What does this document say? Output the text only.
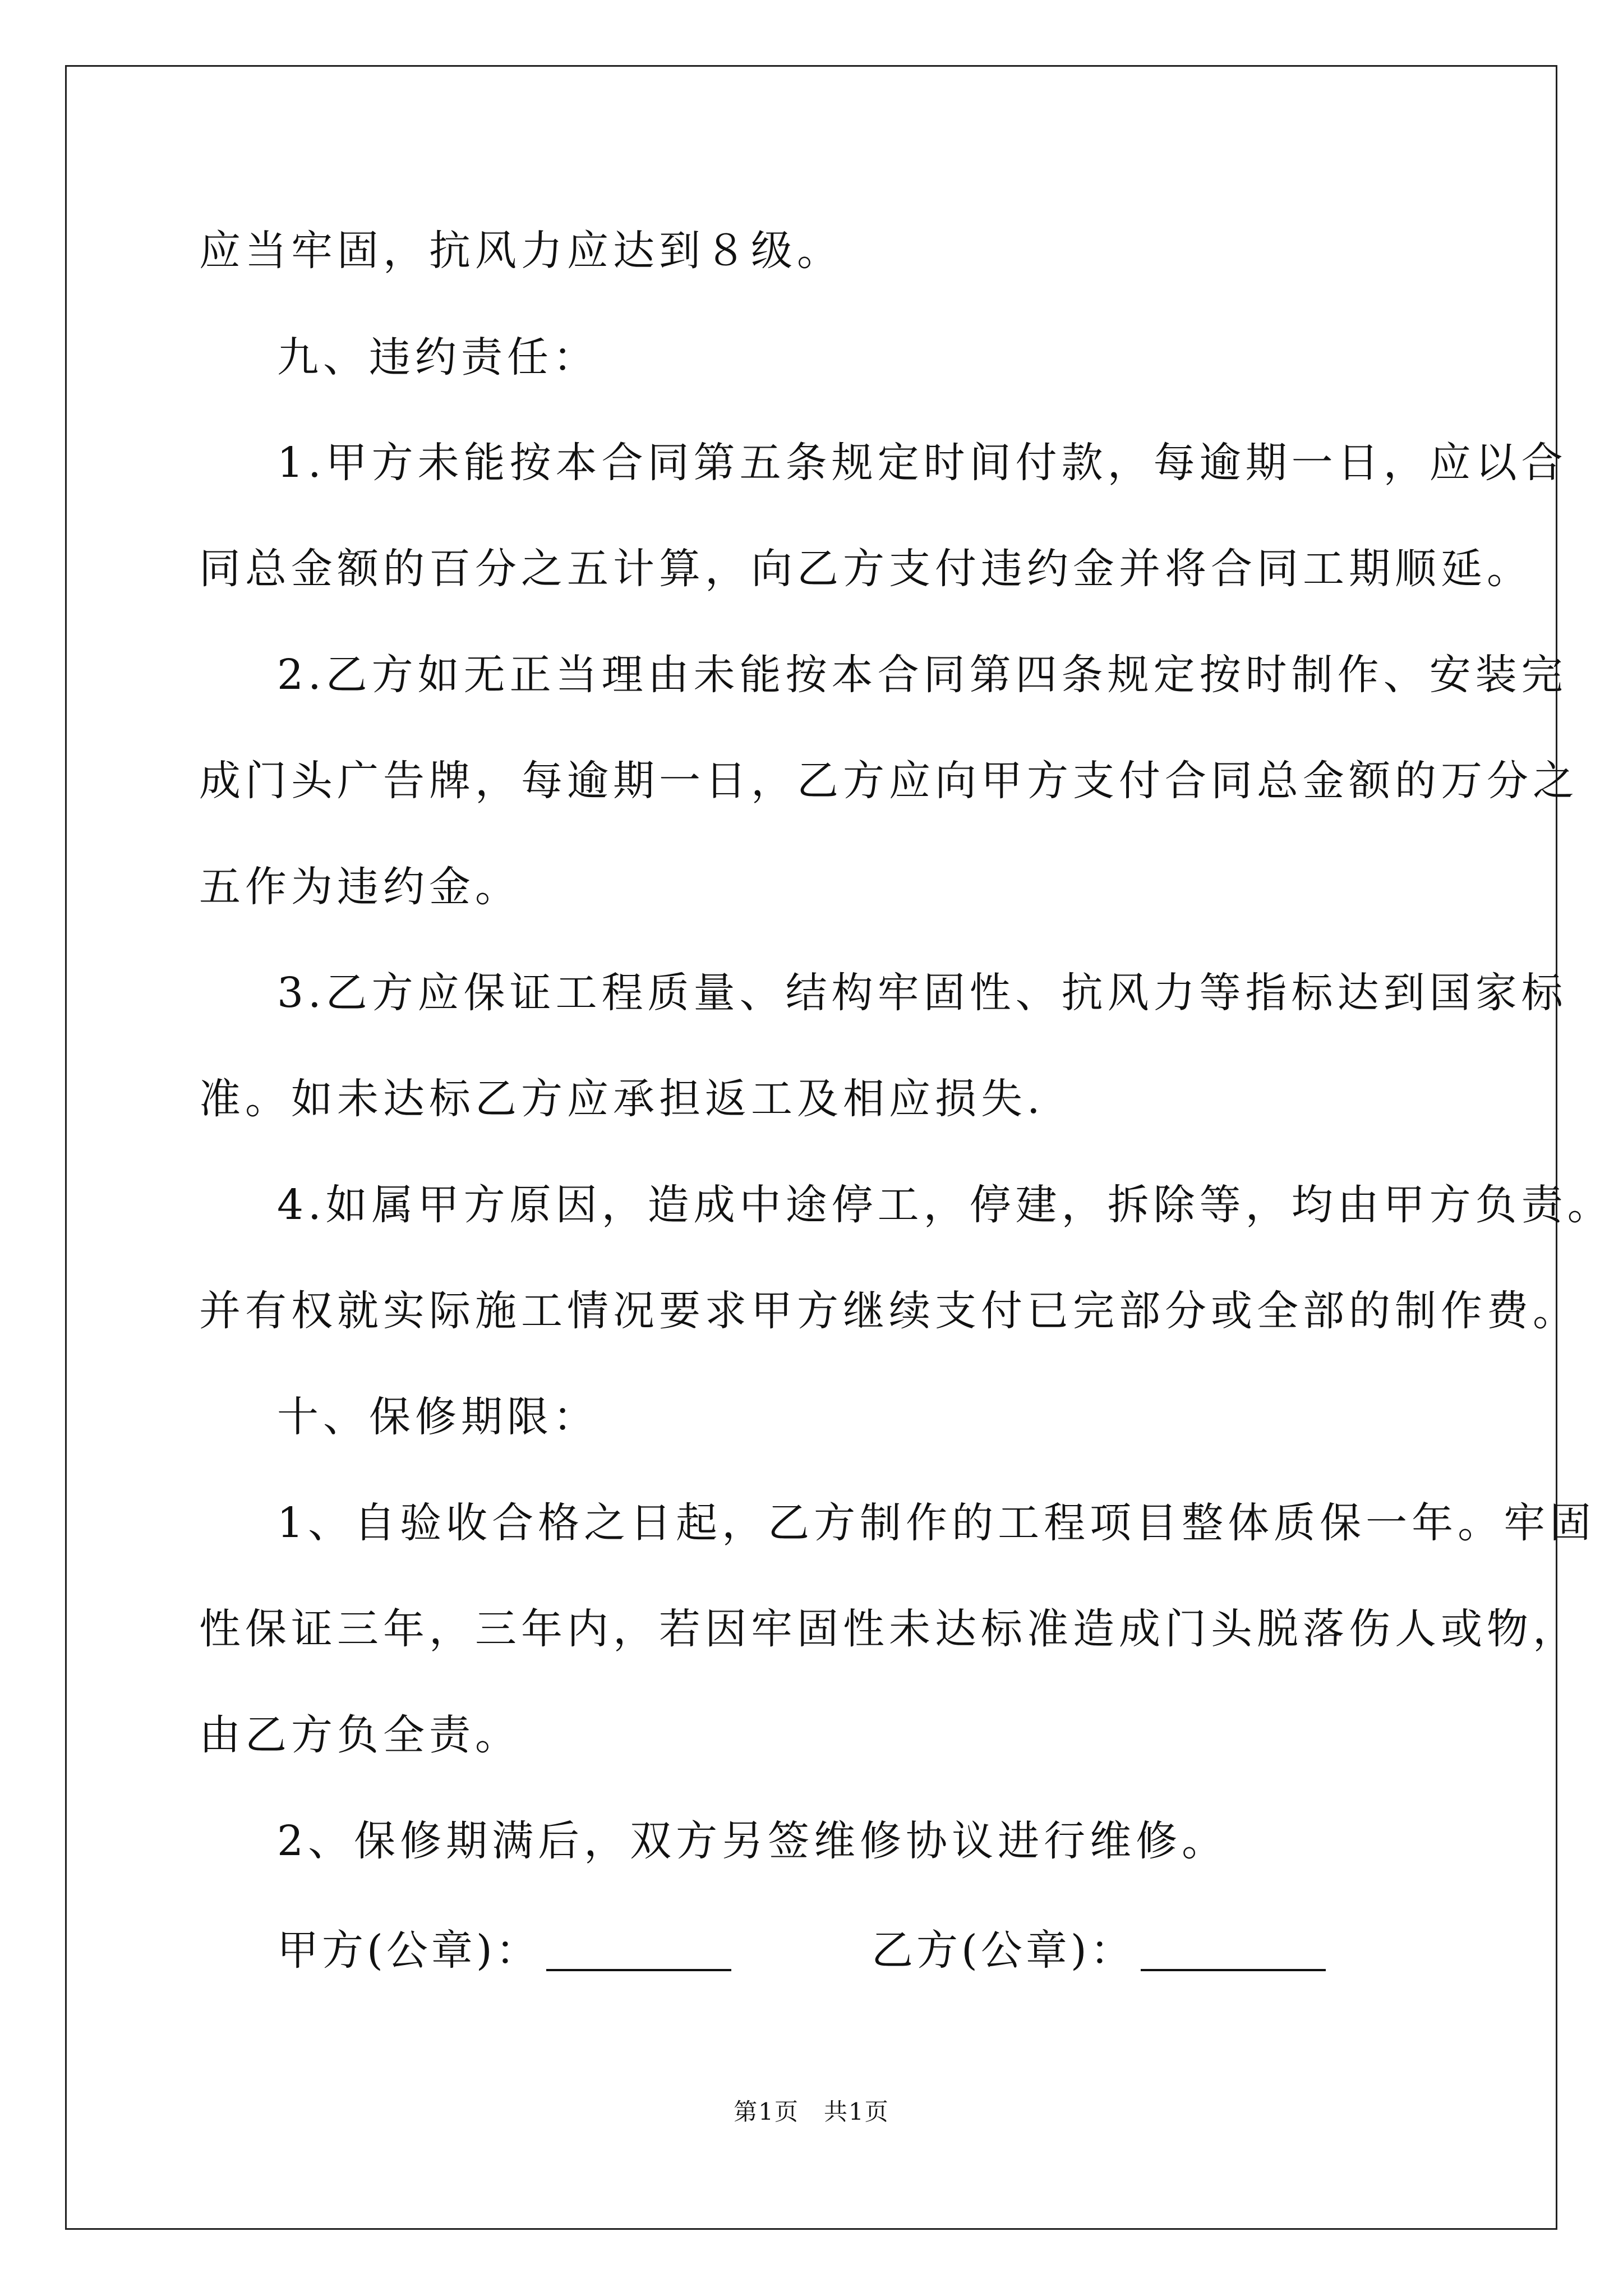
应当牢固，抗风力应达到８级。
九、违约责任：
1.甲方未能按本合同第五条规定时间付款，每逾期一日，应以合
同总金额的百分之五计算，向乙方支付违约金并将合同工期顺延。
2.乙方如无正当理由未能按本合同第四条规定按时制作、安装完
成门头广告牌，每逾期一日，乙方应向甲方支付合同总金额的万分之
五作为违约金。
3.乙方应保证工程质量、结构牢固性、抗风力等指标达到国家标
准。如未达标乙方应承担返工及相应损失.
4.如属甲方原因，造成中途停工，停建，拆除等，均由甲方负责。
并有权就实际施工情况要求甲方继续支付已完部分或全部的制作费。
十、保修期限：
1、自验收合格之日起，乙方制作的工程项目整体质保一年。牢固
性保证三年，三年内，若因牢固性未达标准造成门头脱落伤人或物，
由乙方负全责。
2、保修期满后，双方另签维修协议进行维修。
甲方(公章)：	乙方(公章)：
第1页　共1页
